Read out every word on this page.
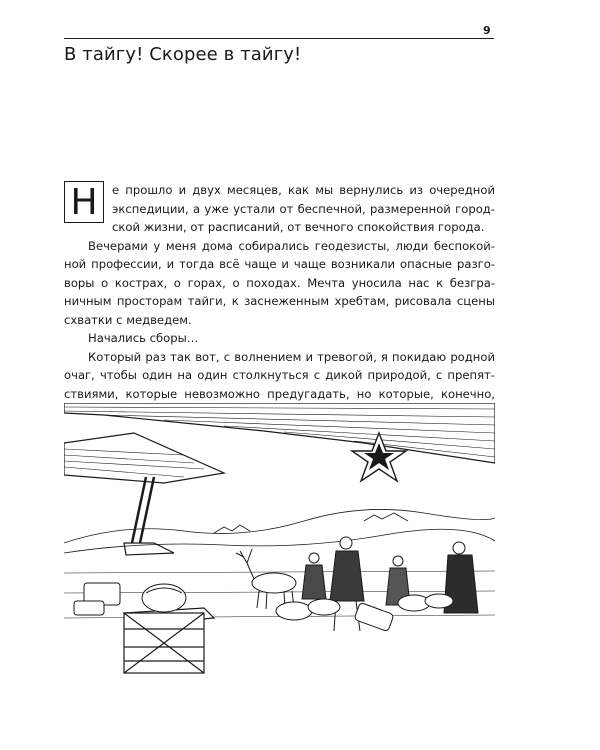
9
В тайгу! Скорее в тайгу!
Н	е прошло и двух месяцев, как мы вернулись из очередной
экспедиции, а уже устали от беспечной, размеренной город-
ской жизни, от расписаний, от вечного спокойствия города.
Вечерами у меня дома собирались геодезисты, люди беспокой-
ной профессии, и тогда всё чаще и чаще возникали опасные разго-
воры о кострах, о горах, о походах. Мечта уносила нас к безгра-
ничным просторам тайги, к заснеженным хребтам, рисовала сцены
схватки с медведем.
Начались сборы…
Который раз так вот, с волнением и тревогой, я покидаю родной
очаг, чтобы один на один столкнуться с дикой природой, с препят-
ствиями, которые невозможно предугадать, но которые, конечно,
